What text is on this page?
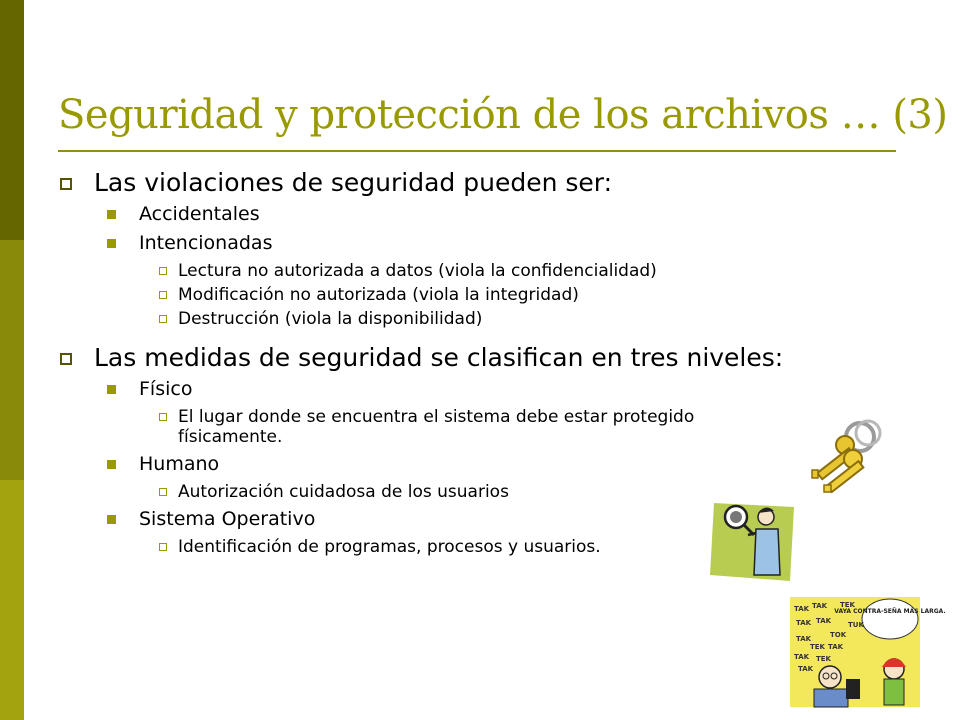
Seguridad y protección de los archivos … (3)
Las violaciones de seguridad pueden ser:
Accidentales
Intencionadas
Lectura no autorizada a datos (viola la confidencialidad)
Modificación no autorizada (viola la integridad)
Destrucción (viola la disponibilidad)
Las medidas de seguridad se clasifican en tres niveles:
Físico
El lugar donde se encuentra el sistema debe estar protegido físicamente.
Humano
Autorización cuidadosa de los usuarios
Sistema Operativo
Identificación de programas, procesos y usuarios.
TAK TAK TEK
TAK TAK TUK
TAK	TOK
TEK TAK
TAK TEK
TAK
VAYA CONTRA-SEÑA MÁS LARGA.
